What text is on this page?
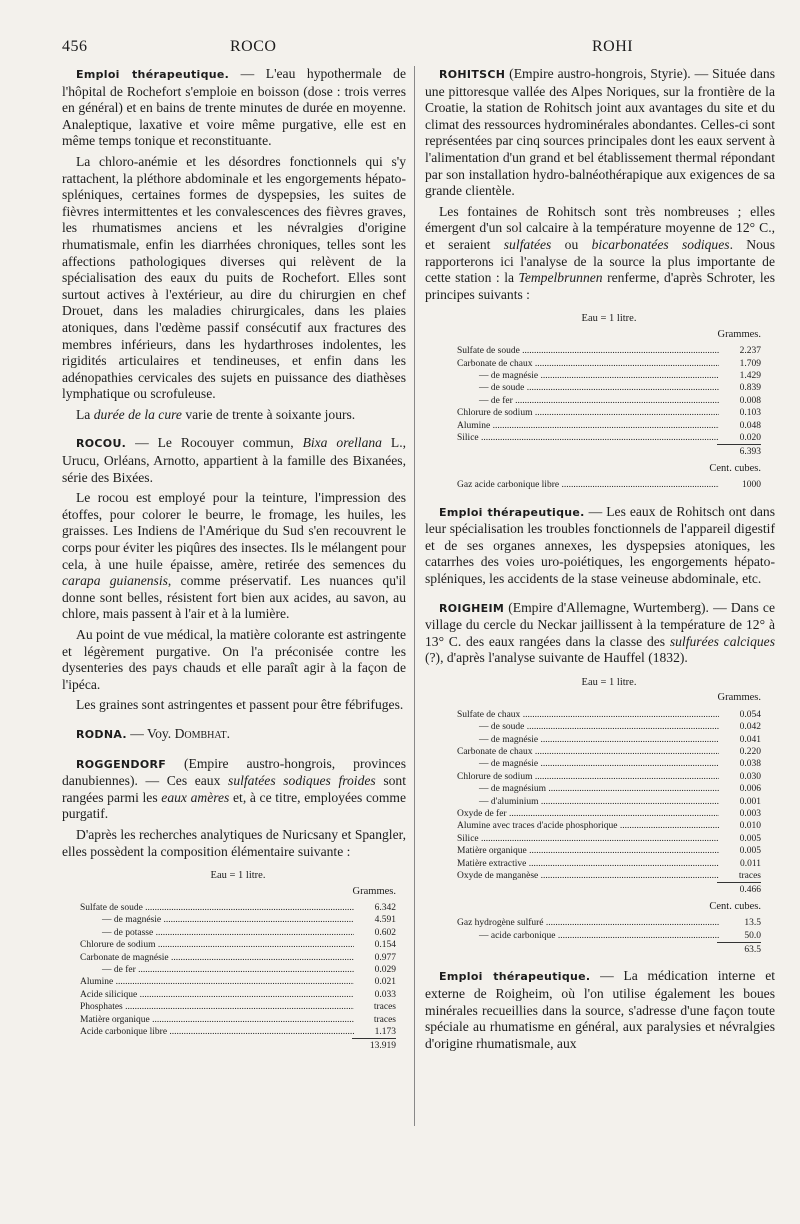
456	ROCO	ROHI

Emploi thérapeutique. — L'eau hypothermale de l'hôpital de Rochefort s'emploie en boisson (dose : trois verres en général) et en bains de trente minutes de durée en moyenne. Analeptique, laxative et voire même purgative, elle est en même temps tonique et reconstituante.

La chloro-anémie et les désordres fonctionnels qui s'y rattachent, la pléthore abdominale et les engorgements hépato-spléniques, certaines formes de dyspepsies, les suites de fièvres intermittentes et les convalescences des fièvres graves, les rhumatismes anciens et les névralgies d'origine rhumatismale, enfin les diarrhées chroniques, telles sont les affections pathologiques diverses qui relèvent de la spécialisation des eaux du puits de Rochefort. Elles sont surtout actives à l'extérieur, au dire du chirurgien en chef Drouet, dans les maladies chirurgicales, dans les plaies atoniques, dans l'œdème passif consécutif aux fractures des membres inférieurs, dans les hydarthroses indolentes, les rigidités articulaires et tendineuses, et enfin dans les adénopathies cervicales des sujets en puissance des diathèses lymphatique ou scrofuleuse.

La durée de la cure varie de trente à soixante jours.

ROCOU. — Le Rocouyer commun, Bixa orellana L., Urucu, Orléans, Arnotto, appartient à la famille des Bixanées, série des Bixées.

Le rocou est employé pour la teinture, l'impression des étoffes, pour colorer le beurre, le fromage, les huiles, les graisses. Les Indiens de l'Amérique du Sud s'en recouvrent le corps pour éviter les piqûres des insectes. Ils le mélangent pour cela, à une huile épaisse, amère, retirée des semences du carapa guianensis, comme préservatif. Les nuances qu'il donne sont belles, résistent fort bien aux acides, au savon, au chlore, mais passent à l'air et à la lumière.

Au point de vue médical, la matière colorante est astringente et légèrement purgative. On l'a préconisée contre les dysenteries des pays chauds et elle paraît agir à la façon de l'ipéca.

Les graines sont astringentes et passent pour être fébrifuges.

RODNA. — Voy. Dombhat.

ROGGENDORF (Empire austro-hongrois, provinces danubiennes). — Ces eaux sulfatées sodiques froides sont rangées parmi les eaux amères et, à ce titre, employées comme purgatif.

D'après les recherches analytiques de Nuricsany et Spangler, elles possèdent la composition élémentaire suivante :

Eau = 1 litre.
Grammes.
Sulfate de soude .....	6.342
— de magnésie .....	4.591
— de potasse .....	0.602
Chlorure de sodium .....	0.154
Carbonate de magnésie .....	0.977
— de fer .....	0.029
Alumine .....	0.021
Acide silicique .....	0.033
Phosphates .....	traces
Matière organique .....	traces
Acide carbonique libre .....	1.173
13.919

ROHITSCH (Empire austro-hongrois, Styrie). — Située dans une pittoresque vallée des Alpes Noriques, sur la frontière de la Croatie, la station de Rohitsch joint aux avantages du site et du climat des ressources hydrominérales abondantes. Celles-ci sont représentées par cinq sources principales dont les eaux servent à l'alimentation d'un grand et bel établissement thermal répondant par son installation hydro-balnéothérapique aux exigences de sa grande clientèle.

Les fontaines de Rohitsch sont très nombreuses ; elles émergent d'un sol calcaire à la température moyenne de 12° C., et seraient sulfatées ou bicarbonatées sodiques. Nous rapporterons ici l'analyse de la source la plus importante de cette station : la Tempelbrunnen renferme, d'après Schroter, les principes suivants :

Eau = 1 litre.
Grammes.
Sulfate de soude .....	2.237
Carbonate de chaux .....	1.709
— de magnésie .....	1.429
— de soude .....	0.839
— de fer .....	0.008
Chlorure de sodium .....	0.103
Alumine .....	0.048
Silice .....	0.020
6.393
Cent. cubes.
Gaz acide carbonique libre .....	1000

Emploi thérapeutique. — Les eaux de Rohitsch ont dans leur spécialisation les troubles fonctionnels de l'appareil digestif et de ses organes annexes, les dyspepsies atoniques, les catarrhes des voies uro-poiétiques, les engorgements hépato-spléniques, les accidents de la stase veineuse abdominale, etc.

ROIGHEIM (Empire d'Allemagne, Wurtemberg). — Dans ce village du cercle du Neckar jaillissent à la température de 12° à 13° C. des eaux rangées dans la classe des sulfurées calciques (?), d'après l'analyse suivante de Hauffel (1832).

Eau = 1 litre.
Grammes.
Sulfate de chaux .....	0.054
— de soude .....	0.042
— de magnésie .....	0.041
Carbonate de chaux .....	0.220
— de magnésie .....	0.038
Chlorure de sodium .....	0.030
— de magnésium .....	0.006
— d'aluminium .....	0.001
Oxyde de fer .....	0.003
Alumine avec traces d'acide phosphorique .....	0.010
Silice .....	0.005
Matière organique .....	0.005
Matière extractive .....	0.011
Oxyde de manganèse .....	traces
0.466
Cent. cubes.
Gaz hydrogène sulfuré .....	13.5
— acide carbonique .....	50.0
63.5

Emploi thérapeutique. — La médication interne et externe de Roigheim, où l'on utilise également les boues minérales recueillies dans la source, s'adresse d'une façon toute spéciale au rhumatisme en général, aux paralysies et névralgies d'origine rhumatismale, aux
